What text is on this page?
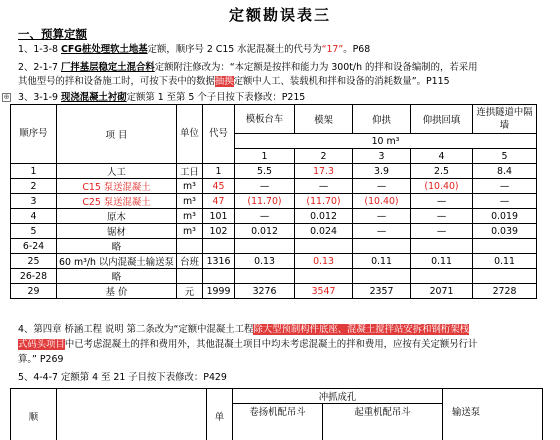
定额勘误表三
一、预算定额
1、1-3-8 CFG桩处理软土地基定额，顺序号 2 C15 水泥混凝土的代号为“17”。P68
2、2-1-7 厂拌基层稳定土混合料定额附注修改为：“本定额是按拌和能力为 300t/h 的拌和设备编制的，若采用
其他型号的拌和设备施工时，可按下表中的数据抽换定额中人工、装载机和拌和设备的消耗数量”。P115
⊕ 3、3-1-9 现浇混凝土衬砌定额第 1 至第 5 个子目按下表修改：P215
顺序号	项 目	单位	代号	模板台车	模架	仰拱	仰拱回填	连拱隧道中隔墙
				10 m³				
				1	2	3	4	5
1	人工	工日	1	5.5	17.3	3.9	2.5	8.4
2	C15 泵送混凝土	m³	45	—	—	—	(10.40)	—
3	C25 泵送混凝土	m³	47	(11.70)	(11.70)	(10.40)	—	—
4	原木	m³	101	—	0.012	—	—	0.019
5	锯材	m³	102	0.012	0.024	—	—	0.039
6-24	略							
25	60 m³/h 以内混凝土输送泵	台班	1316	0.13	0.13	0.11	0.11	0.11
26-28	略							
29	基 价	元	1999	3276	3547	2357	2071	2728
4、第四章 桥涵工程 说明 第二条改为“定额中混凝土工程除大型预制构件底座、混凝土搅拌站安拆和钢桁架栈
式码头项目中已考虑混凝土的拌和费用外，其他混凝土项目中均未考虑混凝土的拌和费用，应按有关定额另行计
算。” P269
5、4-4-7 定额第 4 至 21 子目按下表修改：P429
顺		单	冲抓成孔		
			卷扬机配吊斗	起重机配吊斗		输送泵
